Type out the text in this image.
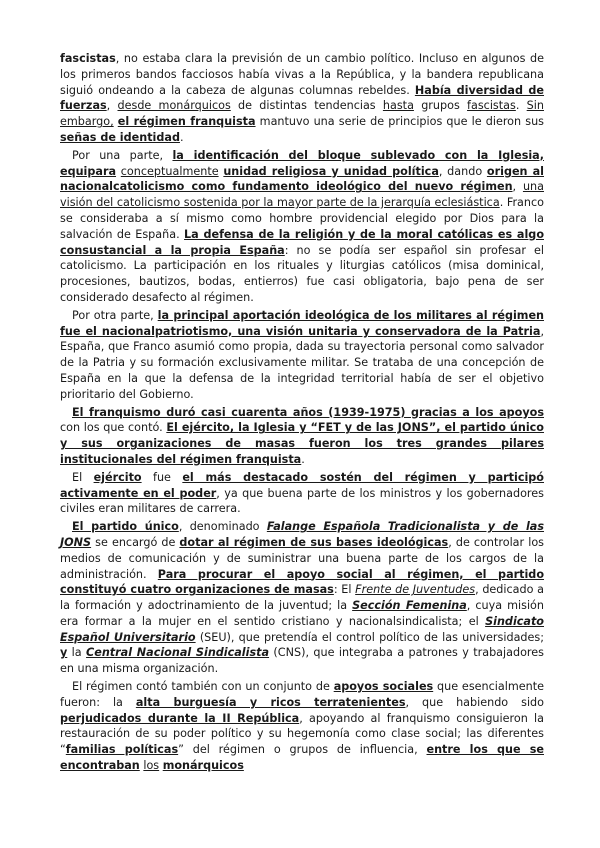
fascistas, no estaba clara la previsión de un cambio político. Incluso en algunos de los primeros bandos facciosos había vivas a la República, y la bandera republicana siguió ondeando a la cabeza de algunas columnas rebeldes. Había diversidad de fuerzas, desde monárquicos de distintas tendencias hasta grupos fascistas. Sin embargo, el régimen franquista mantuvo una serie de principios que le dieron sus señas de identidad.

Por una parte, la identificación del bloque sublevado con la Iglesia, equipara conceptualmente unidad religiosa y unidad política, dando origen al nacionalcatolicismo como fundamento ideológico del nuevo régimen, una visión del catolicismo sostenida por la mayor parte de la jerarquía eclesiástica. Franco se consideraba a sí mismo como hombre providencial elegido por Dios para la salvación de España. La defensa de la religión y de la moral católicas es algo consustancial a la propia España: no se podía ser español sin profesar el catolicismo. La participación en los rituales y liturgias católicos (misa dominical, procesiones, bautizos, bodas, entierros) fue casi obligatoria, bajo pena de ser considerado desafecto al régimen.

Por otra parte, la principal aportación ideológica de los militares al régimen fue el nacionalpatriotismo, una visión unitaria y conservadora de la Patria, España, que Franco asumió como propia, dada su trayectoria personal como salvador de la Patria y su formación exclusivamente militar. Se trataba de una concepción de España en la que la defensa de la integridad territorial había de ser el objetivo prioritario del Gobierno.

El franquismo duró casi cuarenta años (1939-1975) gracias a los apoyos con los que contó. El ejército, la Iglesia y “FET y de las JONS”, el partido único y sus organizaciones de masas fueron los tres grandes pilares institucionales del régimen franquista.

El ejército fue el más destacado sostén del régimen y participó activamente en el poder, ya que buena parte de los ministros y los gobernadores civiles eran militares de carrera.

El partido único, denominado Falange Española Tradicionalista y de las JONS se encargó de dotar al régimen de sus bases ideológicas, de controlar los medios de comunicación y de suministrar una buena parte de los cargos de la administración. Para procurar el apoyo social al régimen, el partido constituyó cuatro organizaciones de masas: El Frente de Juventudes, dedicado a la formación y adoctrinamiento de la juventud; la Sección Femenina, cuya misión era formar a la mujer en el sentido cristiano y nacionalsindicalista; el Sindicato Español Universitario (SEU), que pretendía el control político de las universidades; y la Central Nacional Sindicalista (CNS), que integraba a patrones y trabajadores en una misma organización.

El régimen contó también con un conjunto de apoyos sociales que esencialmente fueron: la alta burguesía y ricos terratenientes, que habiendo sido perjudicados durante la II República, apoyando al franquismo consiguieron la restauración de su poder político y su hegemonía como clase social; las diferentes “familias políticas” del régimen o grupos de influencia, entre los que se encontraban los monárquicos
